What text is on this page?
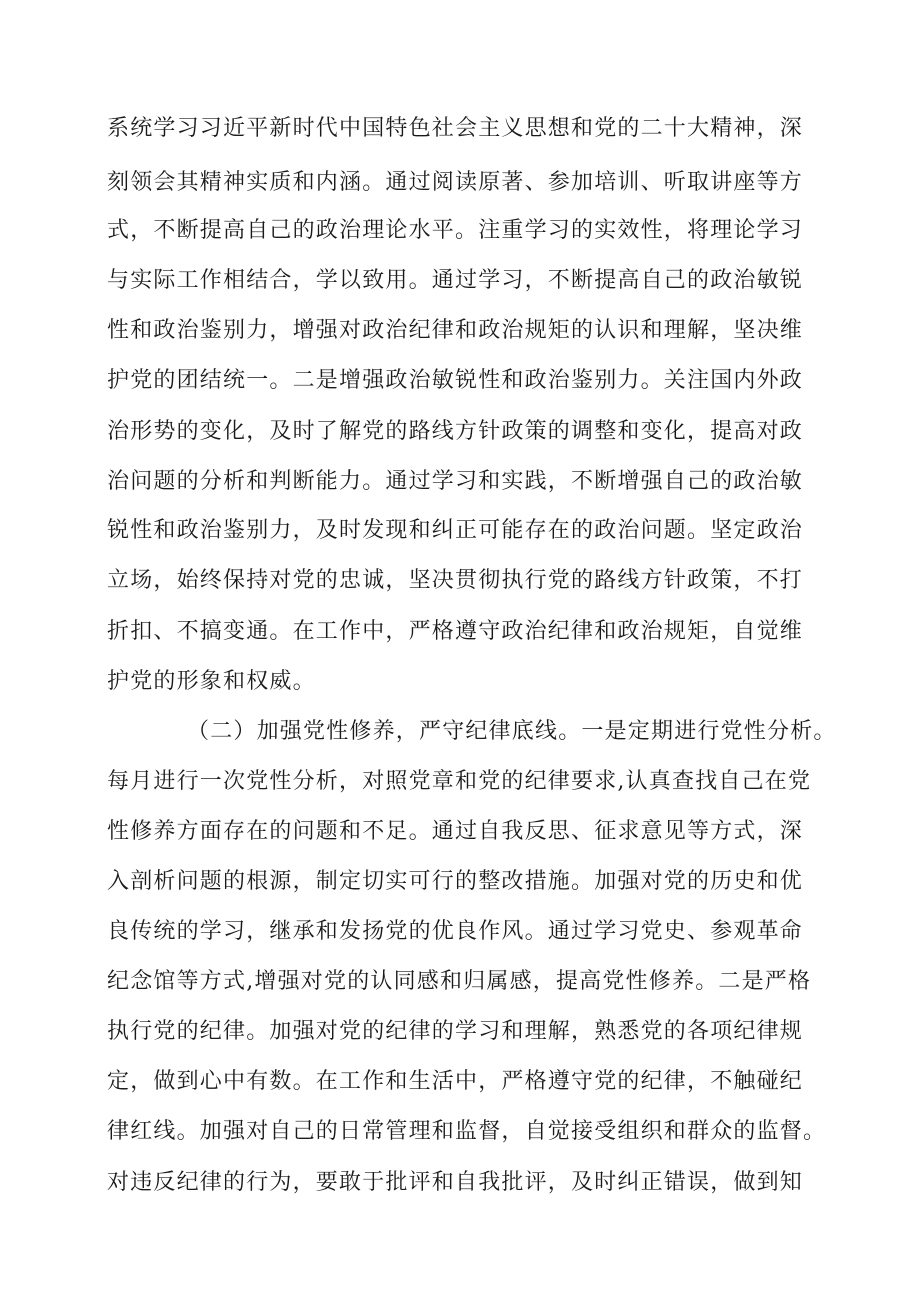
系统学习习近平新时代中国特色社会主义思想和党的二十大精神，深
刻领会其精神实质和内涵。通过阅读原著、参加培训、听取讲座等方
式，不断提高自己的政治理论水平。注重学习的实效性，将理论学习
与实际工作相结合，学以致用。通过学习，不断提高自己的政治敏锐
性和政治鉴别力，增强对政治纪律和政治规矩的认识和理解，坚决维
护党的团结统一。二是增强政治敏锐性和政治鉴别力。关注国内外政
治形势的变化，及时了解党的路线方针政策的调整和变化，提高对政
治问题的分析和判断能力。通过学习和实践，不断增强自己的政治敏
锐性和政治鉴别力，及时发现和纠正可能存在的政治问题。坚定政治
立场，始终保持对党的忠诚，坚决贯彻执行党的路线方针政策，不打
折扣、不搞变通。在工作中，严格遵守政治纪律和政治规矩，自觉维
护党的形象和权威。
（二）加强党性修养，严守纪律底线。一是定期进行党性分析。
每月进行一次党性分析，对照党章和党的纪律要求,认真查找自己在党
性修养方面存在的问题和不足。通过自我反思、征求意见等方式，深
入剖析问题的根源，制定切实可行的整改措施。加强对党的历史和优
良传统的学习，继承和发扬党的优良作风。通过学习党史、参观革命
纪念馆等方式,增强对党的认同感和归属感，提高党性修养。二是严格
执行党的纪律。加强对党的纪律的学习和理解，熟悉党的各项纪律规
定，做到心中有数。在工作和生活中，严格遵守党的纪律，不触碰纪
律红线。加强对自己的日常管理和监督，自觉接受组织和群众的监督。
对违反纪律的行为，要敢于批评和自我批评，及时纠正错误，做到知
